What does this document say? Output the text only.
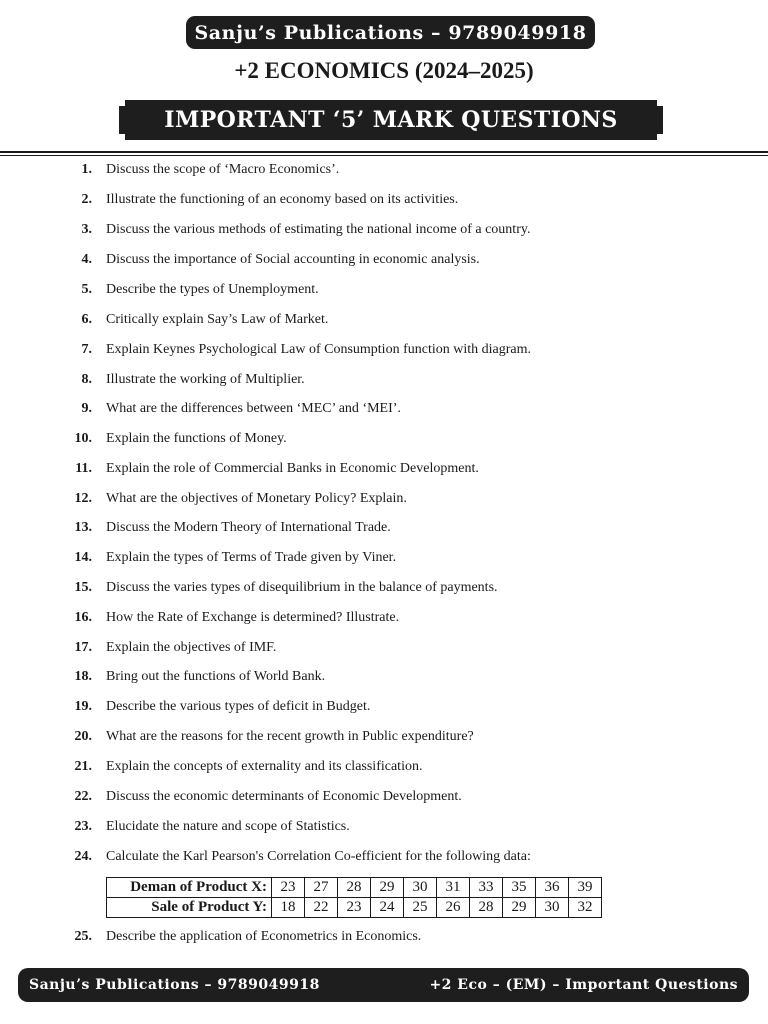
Sanju’s Publications – 9789049918
+2 ECONOMICS (2024–2025)
IMPORTANT ‘5’ MARK QUESTIONS
1. Discuss the scope of ‘Macro Economics’.
2. Illustrate the functioning of an economy based on its activities.
3. Discuss the various methods of estimating the national income of a country.
4. Discuss the importance of Social accounting in economic analysis.
5. Describe the types of Unemployment.
6. Critically explain Say’s Law of Market.
7. Explain Keynes Psychological Law of Consumption function with diagram.
8. Illustrate the working of Multiplier.
9. What are the differences between ‘MEC’ and ‘MEI’.
10. Explain the functions of Money.
11. Explain the role of Commercial Banks in Economic Development.
12. What are the objectives of Monetary Policy? Explain.
13. Discuss the Modern Theory of International Trade.
14. Explain the types of Terms of Trade given by Viner.
15. Discuss the varies types of disequilibrium in the balance of payments.
16. How the Rate of Exchange is determined? Illustrate.
17. Explain the objectives of IMF.
18. Bring out the functions of World Bank.
19. Describe the various types of deficit in Budget.
20. What are the reasons for the recent growth in Public expenditure?
21. Explain the concepts of externality and its classification.
22. Discuss the economic determinants of Economic Development.
23. Elucidate the nature and scope of Statistics.
24. Calculate the Karl Pearson's Correlation Co-efficient for the following data:
25. Describe the application of Econometrics in Economics.
Deman of Product X:	23	27	28	29	30	31	33	35	36	39
Sale of Product Y:	18	22	23	24	25	26	28	29	30	32
Sanju’s Publications – 9789049918	+2 Eco – (EM) – Important Questions
